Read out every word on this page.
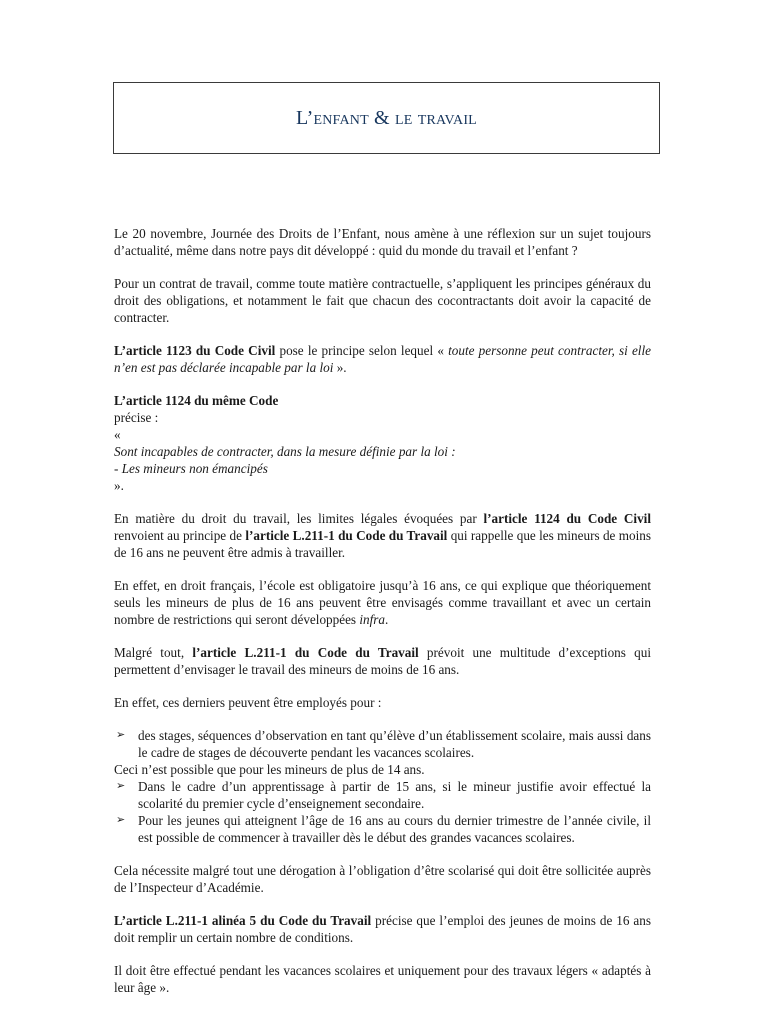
L’enfant & le travail

Le 20 novembre, Journée des Droits de l’Enfant, nous amène à une réflexion sur un sujet toujours d’actualité, même dans notre pays dit développé : quid du monde du travail et l’enfant ?

Pour un contrat de travail, comme toute matière contractuelle, s’appliquent les principes généraux du droit des obligations, et notamment le fait que chacun des cocontractants doit avoir la capacité de contracter.

L’article 1123 du Code Civil pose le principe selon lequel « toute personne peut contracter, si elle n’en est pas déclarée incapable par la loi ».

L’article 1124 du même Code
précise :
«
Sont incapables de contracter, dans la mesure définie par la loi :
- Les mineurs non émancipés
».

En matière du droit du travail, les limites légales évoquées par l’article 1124 du Code Civil renvoient au principe de l’article L.211-1 du Code du Travail qui rappelle que les mineurs de moins de 16 ans ne peuvent être admis à travailler.

En effet, en droit français, l’école est obligatoire jusqu’à 16 ans, ce qui explique que théoriquement seuls les mineurs de plus de 16 ans peuvent être envisagés comme travaillant et avec un certain nombre de restrictions qui seront développées infra.

Malgré tout, l’article L.211-1 du Code du Travail prévoit une multitude d’exceptions qui permettent d’envisager le travail des mineurs de moins de 16 ans.

En effet, ces derniers peuvent être employés pour :

➢ des stages, séquences d’observation en tant qu’élève d’un établissement scolaire, mais aussi dans le cadre de stages de découverte pendant les vacances scolaires.

Ceci n’est possible que pour les mineurs de plus de 14 ans.

➢ Dans le cadre d’un apprentissage à partir de 15 ans, si le mineur justifie avoir effectué la scolarité du premier cycle d’enseignement secondaire.
➢ Pour les jeunes qui atteignent l’âge de 16 ans au cours du dernier trimestre de l’année civile, il est possible de commencer à travailler dès le début des grandes vacances scolaires.

Cela nécessite malgré tout une dérogation à l’obligation d’être scolarisé qui doit être sollicitée auprès de l’Inspecteur d’Académie.

L’article L.211-1 alinéa 5 du Code du Travail précise que l’emploi des jeunes de moins de 16 ans doit remplir un certain nombre de conditions.

Il doit être effectué pendant les vacances scolaires et uniquement pour des travaux légers « adaptés à leur âge ».
